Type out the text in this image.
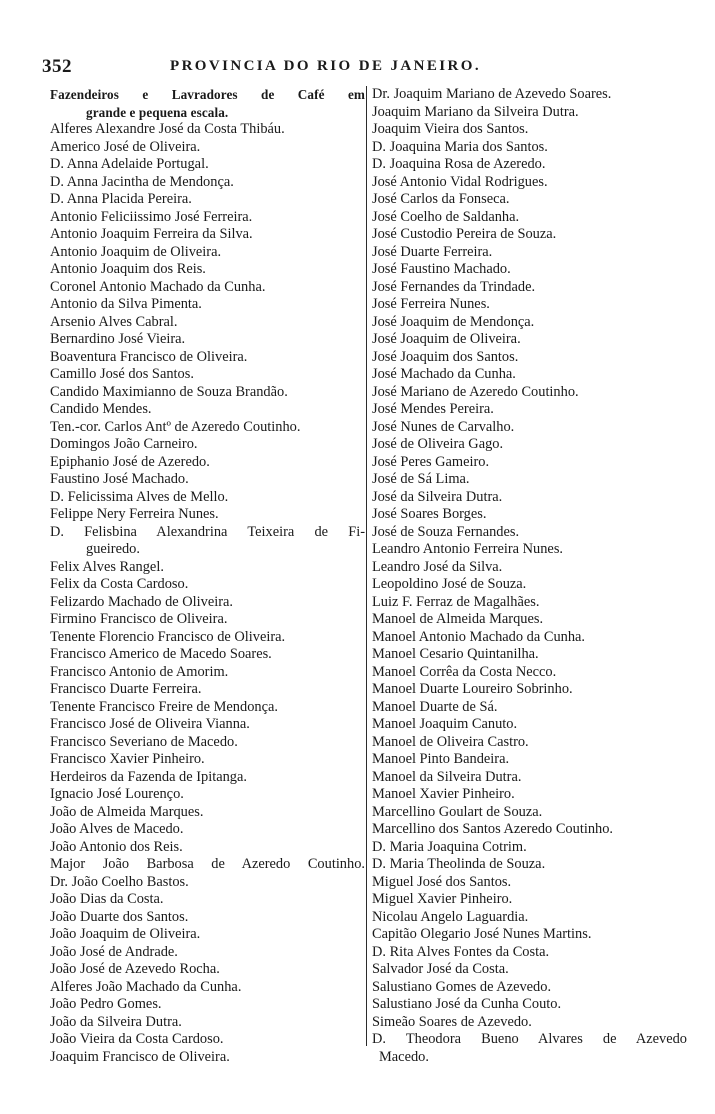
352	PROVINCIA DO RIO DE JANEIRO.
Fazendeiros e Lavradores de Café em
grande e pequena escala.
Alferes Alexandre José da Costa Thibáu.
Americo José de Oliveira.
D. Anna Adelaide Portugal.
D. Anna Jacintha de Mendonça.
D. Anna Placida Pereira.
Antonio Feliciissimo José Ferreira.
Antonio Joaquim Ferreira da Silva.
Antonio Joaquim de Oliveira.
Antonio Joaquim dos Reis.
Coronel Antonio Machado da Cunha.
Antonio da Silva Pimenta.
Arsenio Alves Cabral.
Bernardino José Vieira.
Boaventura Francisco de Oliveira.
Camillo José dos Santos.
Candido Maximianno de Souza Brandão.
Candido Mendes.
Ten.-cor. Carlos Antº de Azeredo Coutinho.
Domingos João Carneiro.
Epiphanio José de Azeredo.
Faustino José Machado.
D. Felicissima Alves de Mello.
Felippe Nery Ferreira Nunes.
D. Felisbina Alexandrina Teixeira de Fi-
gueiredo.
Felix Alves Rangel.
Felix da Costa Cardoso.
Felizardo Machado de Oliveira.
Firmino Francisco de Oliveira.
Tenente Florencio Francisco de Oliveira.
Francisco Americo de Macedo Soares.
Francisco Antonio de Amorim.
Francisco Duarte Ferreira.
Tenente Francisco Freire de Mendonça.
Francisco José de Oliveira Vianna.
Francisco Severiano de Macedo.
Francisco Xavier Pinheiro.
Herdeiros da Fazenda de Ipitanga.
Ignacio José Lourenço.
João de Almeida Marques.
João Alves de Macedo.
João Antonio dos Reis.
Major João Barbosa de Azeredo Coutinho.
Dr. João Coelho Bastos.
João Dias da Costa.
João Duarte dos Santos.
João Joaquim de Oliveira.
João José de Andrade.
João José de Azevedo Rocha.
Alferes João Machado da Cunha.
João Pedro Gomes.
João da Silveira Dutra.
João Vieira da Costa Cardoso.
Joaquim Francisco de Oliveira.
Dr. Joaquim Mariano de Azevedo Soares.
Joaquim Mariano da Silveira Dutra.
Joaquim Vieira dos Santos.
D. Joaquina Maria dos Santos.
D. Joaquina Rosa de Azeredo.
José Antonio Vidal Rodrigues.
José Carlos da Fonseca.
José Coelho de Saldanha.
José Custodio Pereira de Souza.
José Duarte Ferreira.
José Faustino Machado.
José Fernandes da Trindade.
José Ferreira Nunes.
José Joaquim de Mendonça.
José Joaquim de Oliveira.
José Joaquim dos Santos.
José Machado da Cunha.
José Mariano de Azeredo Coutinho.
José Mendes Pereira.
José Nunes de Carvalho.
José de Oliveira Gago.
José Peres Gameiro.
José de Sá Lima.
José da Silveira Dutra.
José Soares Borges.
José de Souza Fernandes.
Leandro Antonio Ferreira Nunes.
Leandro José da Silva.
Leopoldino José de Souza.
Luiz F. Ferraz de Magalhães.
Manoel de Almeida Marques.
Manoel Antonio Machado da Cunha.
Manoel Cesario Quintanilha.
Manoel Corrêa da Costa Necco.
Manoel Duarte Loureiro Sobrinho.
Manoel Duarte de Sá.
Manoel Joaquim Canuto.
Manoel de Oliveira Castro.
Manoel Pinto Bandeira.
Manoel da Silveira Dutra.
Manoel Xavier Pinheiro.
Marcellino Goulart de Souza.
Marcellino dos Santos Azeredo Coutinho.
D. Maria Joaquina Cotrim.
D. Maria Theolinda de Souza.
Miguel José dos Santos.
Miguel Xavier Pinheiro.
Nicolau Angelo Laguardia.
Capitão Olegario José Nunes Martins.
D. Rita Alves Fontes da Costa.
Salvador José da Costa.
Salustiano Gomes de Azevedo.
Salustiano José da Cunha Couto.
Simeão Soares de Azevedo.
D. Theodora Bueno Alvares de Azevedo
Macedo.
